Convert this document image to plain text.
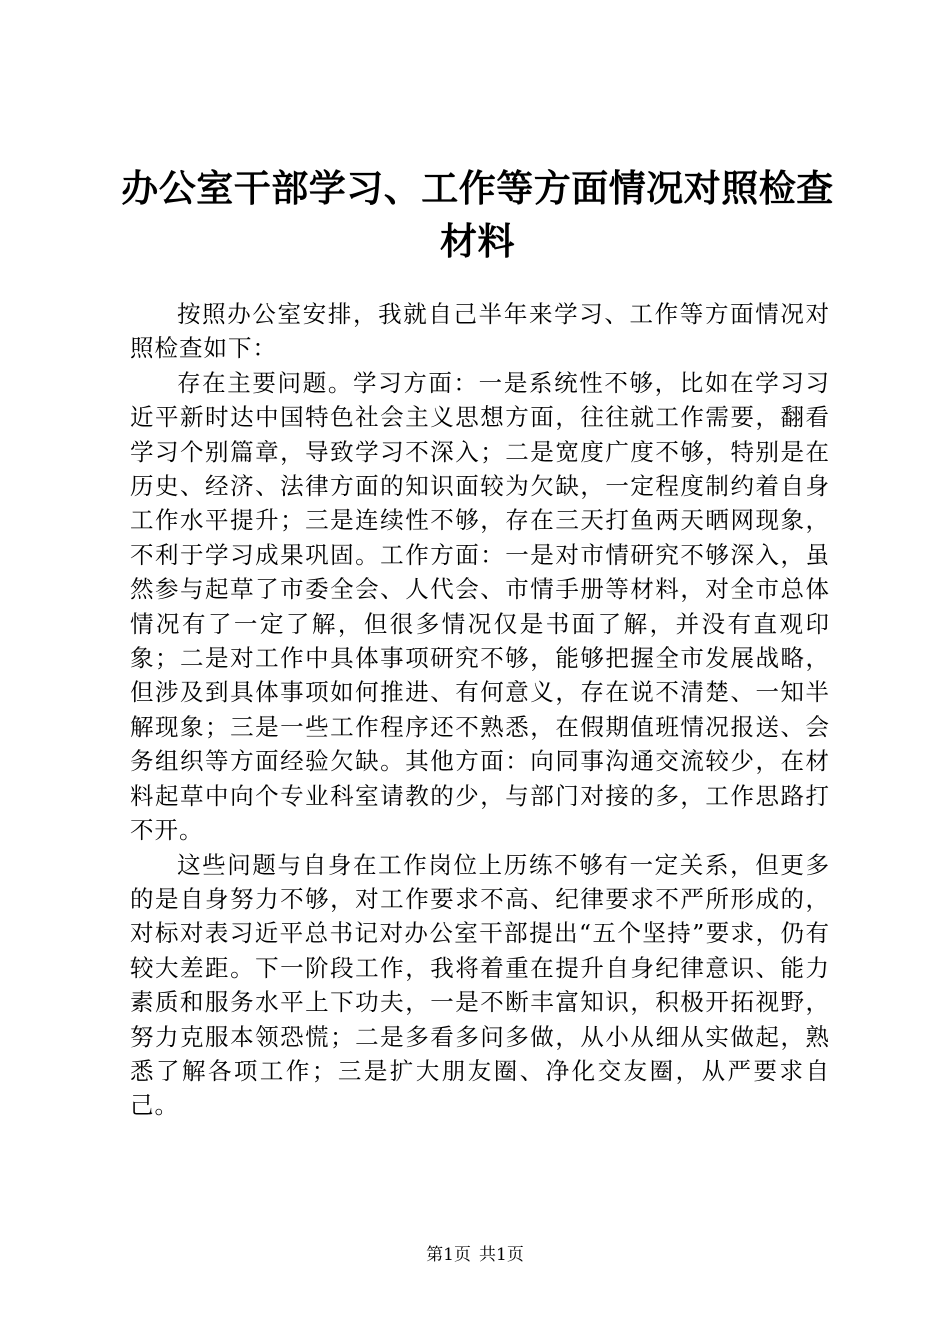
办公室干部学习、工作等方面情况对照检查材料

按照办公室安排，我就自己半年来学习、工作等方面情况对照检查如下：

存在主要问题。学习方面：一是系统性不够，比如在学习习近平新时达中国特色社会主义思想方面，往往就工作需要，翻看学习个别篇章，导致学习不深入；二是宽度广度不够，特别是在历史、经济、法律方面的知识面较为欠缺，一定程度制约着自身工作水平提升；三是连续性不够，存在三天打鱼两天晒网现象，不利于学习成果巩固。工作方面：一是对市情研究不够深入，虽然参与起草了市委全会、人代会、市情手册等材料，对全市总体情况有了一定了解，但很多情况仅是书面了解，并没有直观印象；二是对工作中具体事项研究不够，能够把握全市发展战略，但涉及到具体事项如何推进、有何意义，存在说不清楚、一知半解现象；三是一些工作程序还不熟悉，在假期值班情况报送、会务组织等方面经验欠缺。其他方面：向同事沟通交流较少，在材料起草中向个专业科室请教的少，与部门对接的多，工作思路打不开。

这些问题与自身在工作岗位上历练不够有一定关系，但更多的是自身努力不够，对工作要求不高、纪律要求不严所形成的，对标对表习近平总书记对办公室干部提出“五个坚持”要求，仍有较大差距。下一阶段工作，我将着重在提升自身纪律意识、能力素质和服务水平上下功夫，一是不断丰富知识，积极开拓视野，努力克服本领恐慌；二是多看多问多做，从小从细从实做起，熟悉了解各项工作；三是扩大朋友圈、净化交友圈，从严要求自己。

第1页 共1页
